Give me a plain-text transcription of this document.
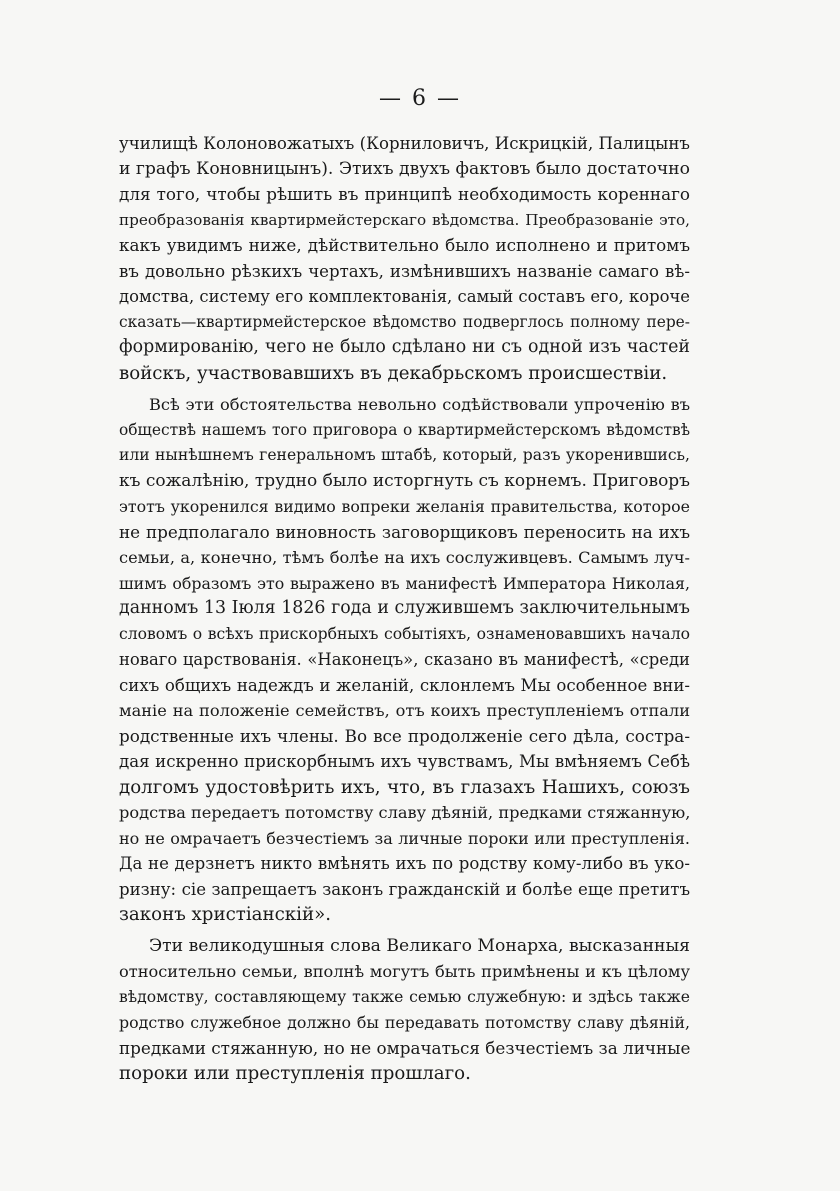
— 6 —
училищѣ Колоновожатыхъ (Корниловичъ, Искрицкій, Палицынъ
и графъ Коновницынъ). Этихъ двухъ фактовъ было достаточно
для того, чтобы рѣшить въ принципѣ необходимость кореннаго
преобразованія квартирмейстерскаго вѣдомства. Преобразованіе это,
какъ увидимъ ниже, дѣйствительно было исполнено и притомъ
въ довольно рѣзкихъ чертахъ, измѣнившихъ названіе самаго вѣ-
домства, систему его комплектованія, самый составъ его, короче
сказать—квартирмейстерское вѣдомство подверглось полному пере-
формированію, чего не было сдѣлано ни съ одной изъ частей
войскъ, участвовавшихъ въ декабрьскомъ происшествіи.
Всѣ эти обстоятельства невольно содѣйствовали упроченію въ
обществѣ нашемъ того приговора о квартирмейстерскомъ вѣдомствѣ
или нынѣшнемъ генеральномъ штабѣ, который, разъ укоренившись,
къ сожалѣнію, трудно было исторгнуть съ корнемъ. Приговоръ
этотъ укоренился видимо вопреки желанія правительства, которое
не предполагало виновность заговорщиковъ переносить на ихъ
семьи, а, конечно, тѣмъ болѣе на ихъ сослуживцевъ. Самымъ луч-
шимъ образомъ это выражено въ манифестѣ Императора Николая,
данномъ 13 Іюля 1826 года и служившемъ заключительнымъ
словомъ о всѣхъ прискорбныхъ событіяхъ, ознаменовавшихъ начало
новаго царствованія. «Наконецъ», сказано въ манифестѣ, «среди
сихъ общихъ надеждъ и желаній, склонлемъ Мы особенное вни-
маніе на положеніе семействъ, отъ коихъ преступленіемъ отпали
родственные ихъ члены. Во все продолженіе сего дѣла, состра-
дая искренно прискорбнымъ ихъ чувствамъ, Мы вмѣняемъ Себѣ
долгомъ удостовѣрить ихъ, что, въ глазахъ Нашихъ, союзъ
родства передаетъ потомству славу дѣяній, предками стяжанную,
но не омрачаетъ безчестіемъ за личные пороки или преступленія.
Да не дерзнетъ никто вмѣнять ихъ по родству кому-либо въ уко-
ризну: сіе запрещаетъ законъ гражданскій и болѣе еще претитъ
законъ христіанскій».
Эти великодушныя слова Великаго Монарха, высказанныя
относительно семьи, вполнѣ могутъ быть примѣнены и къ цѣлому
вѣдомству, составляющему также семью служебную: и здѣсь также
родство служебное должно бы передавать потомству славу дѣяній,
предками стяжанную, но не омрачаться безчестіемъ за личные
пороки или преступленія прошлаго.
